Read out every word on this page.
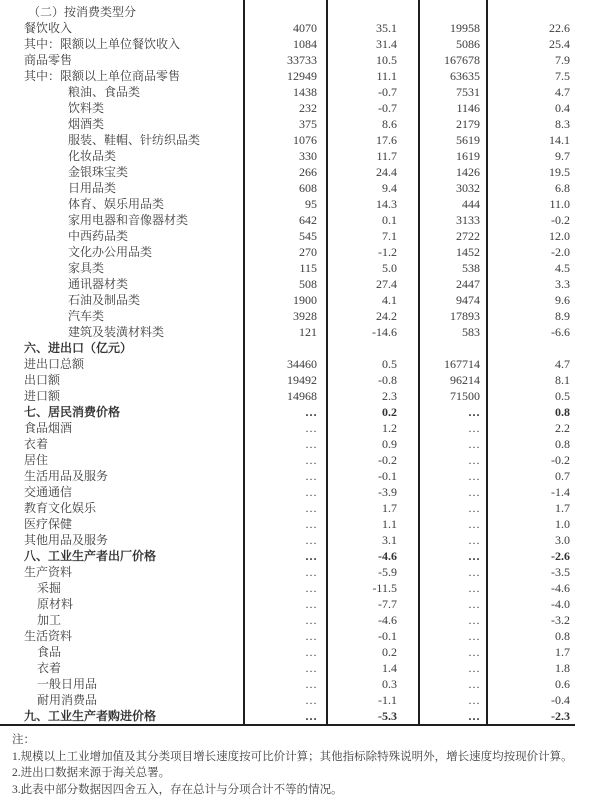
（二）按消费类型分
餐饮收入	4070	35.1	19958	22.6
其中：限额以上单位餐饮收入	1084	31.4	5086	25.4
商品零售	33733	10.5	167678	7.9
其中：限额以上单位商品零售	12949	11.1	63635	7.5
粮油、食品类	1438	-0.7	7531	4.7
饮料类	232	-0.7	1146	0.4
烟酒类	375	8.6	2179	8.3
服装、鞋帽、针纺织品类	1076	17.6	5619	14.1
化妆品类	330	11.7	1619	9.7
金银珠宝类	266	24.4	1426	19.5
日用品类	608	9.4	3032	6.8
体育、娱乐用品类	95	14.3	444	11.0
家用电器和音像器材类	642	0.1	3133	-0.2
中西药品类	545	7.1	2722	12.0
文化办公用品类	270	-1.2	1452	-2.0
家具类	115	5.0	538	4.5
通讯器材类	508	27.4	2447	3.3
石油及制品类	1900	4.1	9474	9.6
汽车类	3928	24.2	17893	8.9
建筑及装潢材料类	121	-14.6	583	-6.6
六、进出口（亿元）
进出口总额	34460	0.5	167714	4.7
出口额	19492	-0.8	96214	8.1
进口额	14968	2.3	71500	0.5
七、居民消费价格	…	0.2	…	0.8
食品烟酒	…	1.2	…	2.2
衣着	…	0.9	…	0.8
居住	…	-0.2	…	-0.2
生活用品及服务	…	-0.1	…	0.7
交通通信	…	-3.9	…	-1.4
教育文化娱乐	…	1.7	…	1.7
医疗保健	…	1.1	…	1.0
其他用品及服务	…	3.1	…	3.0
八、工业生产者出厂价格	…	-4.6	…	-2.6
生产资料	…	-5.9	…	-3.5
采掘	…	-11.5	…	-4.6
原材料	…	-7.7	…	-4.0
加工	…	-4.6	…	-3.2
生活资料	…	-0.1	…	0.8
食品	…	0.2	…	1.7
衣着	…	1.4	…	1.8
一般日用品	…	0.3	…	0.6
耐用消费品	…	-1.1	…	-0.4
九、工业生产者购进价格	…	-5.3	…	-2.3
注：
1.规模以上工业增加值及其分类项目增长速度按可比价计算；其他指标除特殊说明外，增长速度均按现价计算。
2.进出口数据来源于海关总署。
3.此表中部分数据因四舍五入，存在总计与分项合计不等的情况。
